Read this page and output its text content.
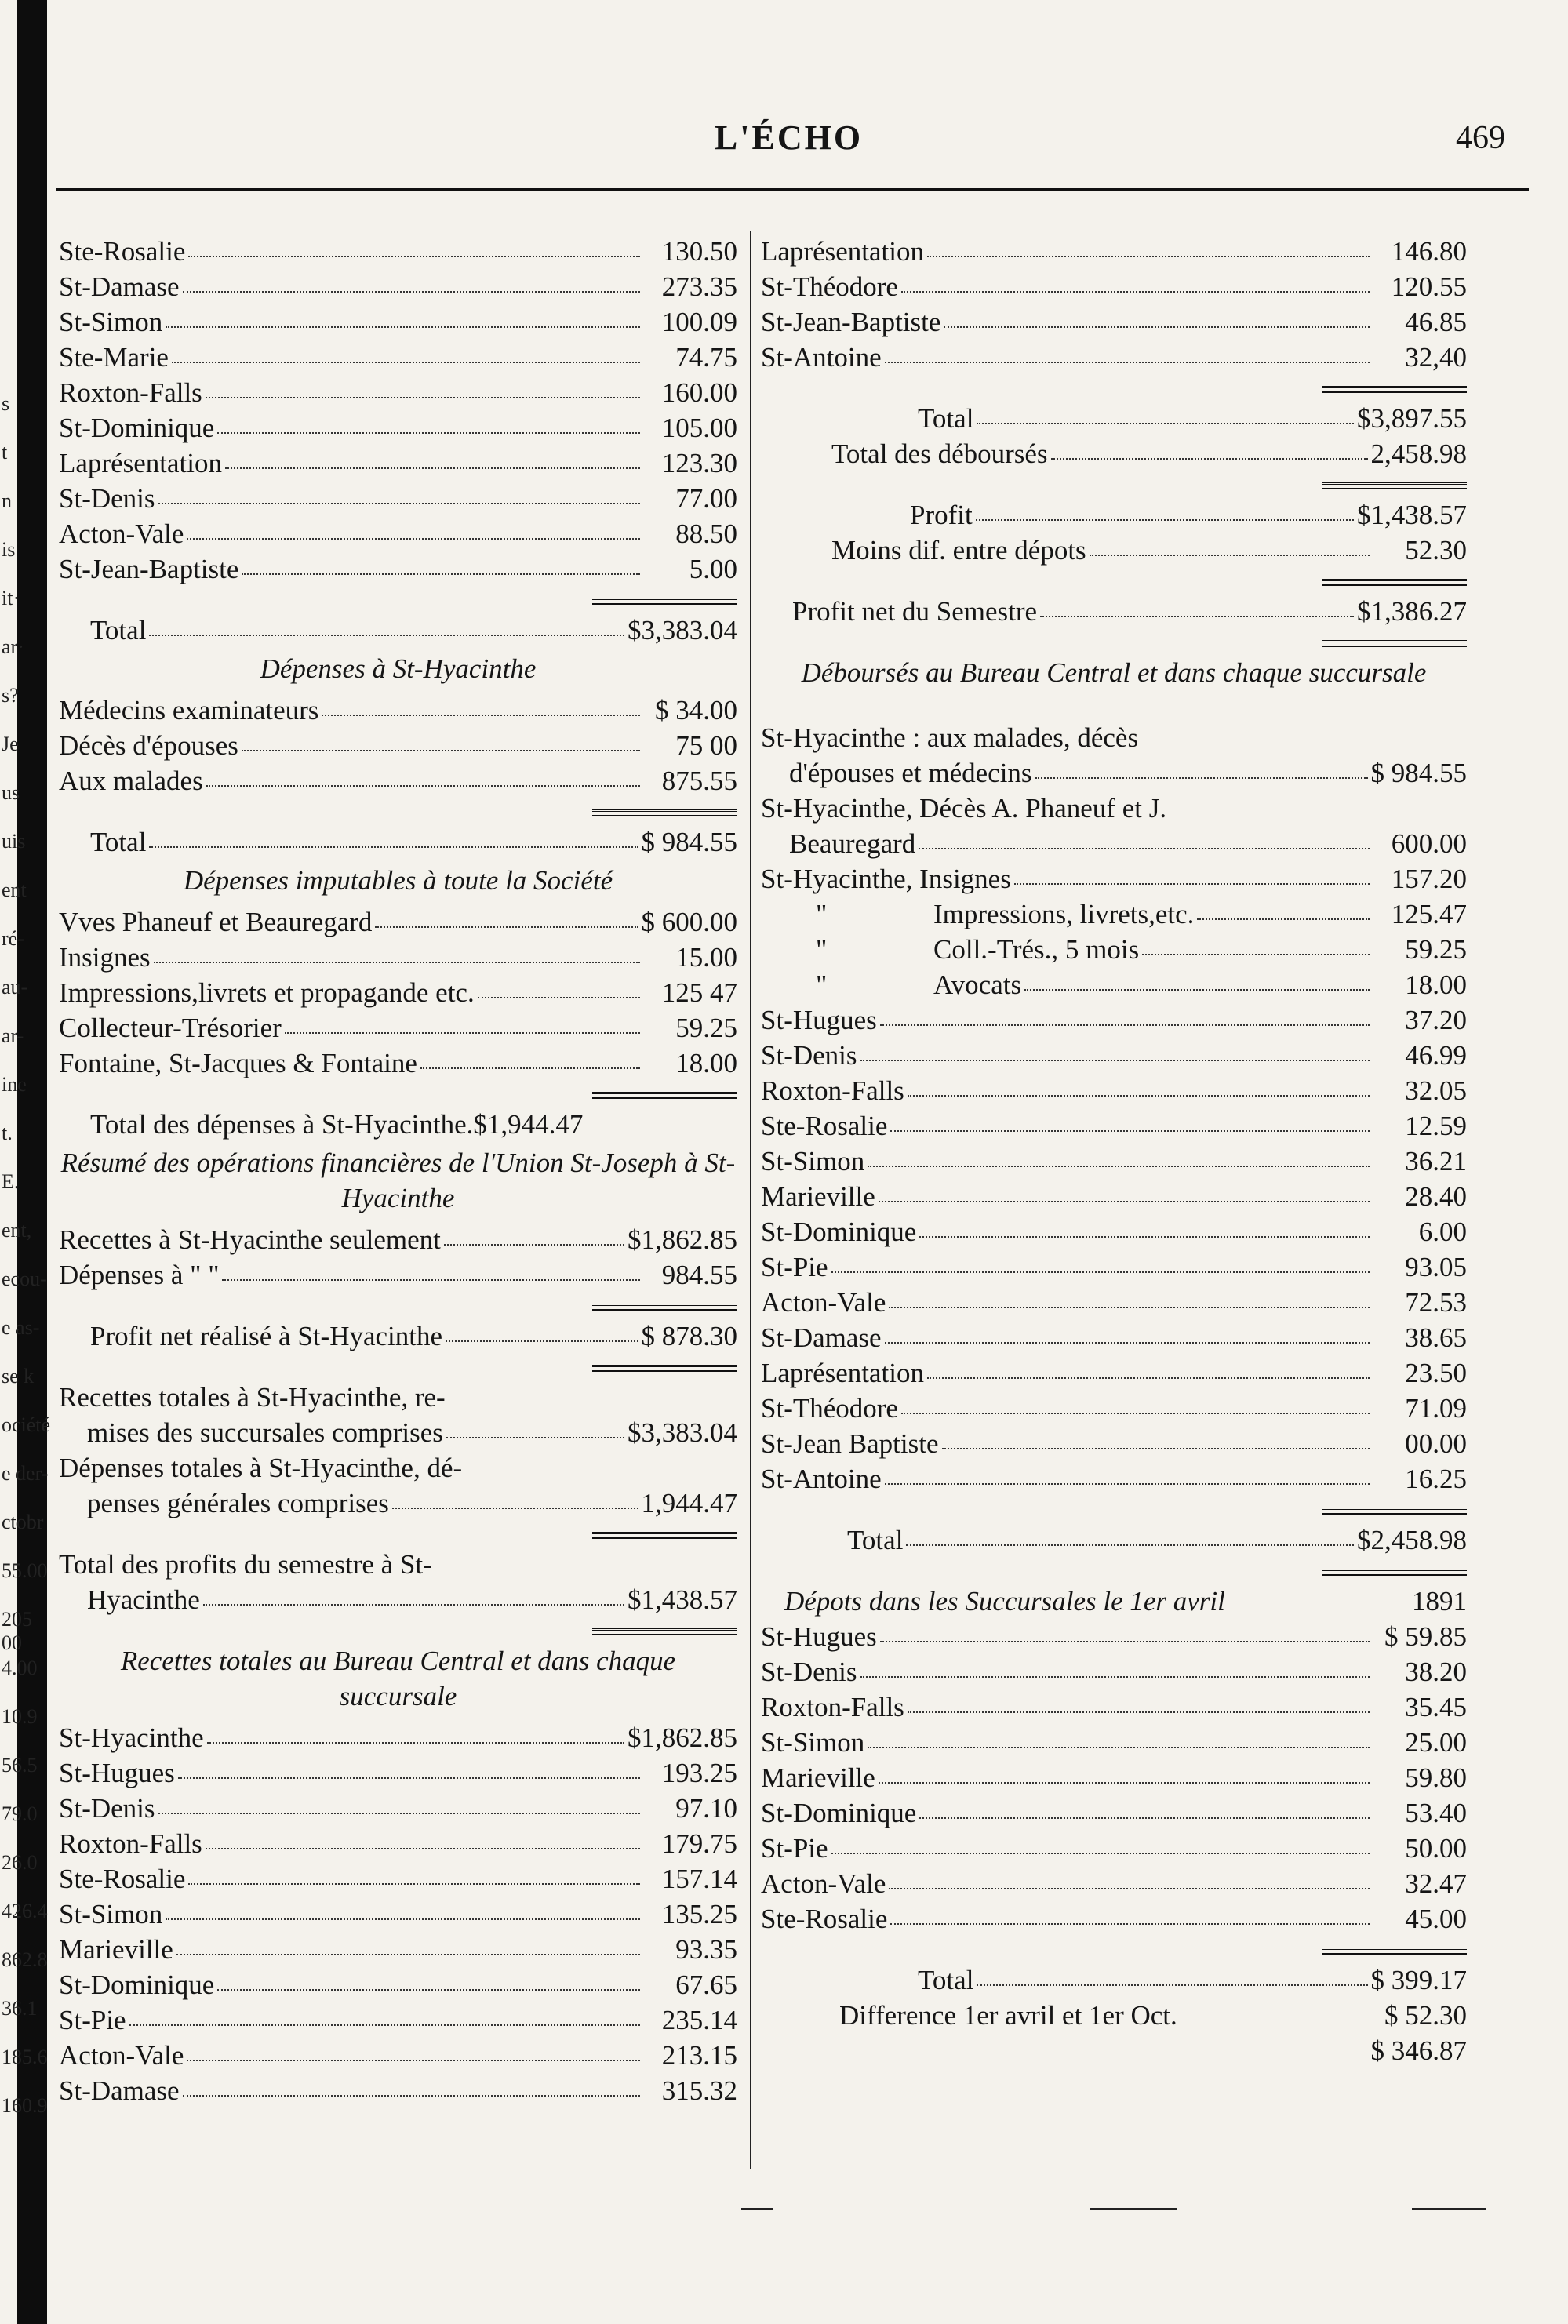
s
t
n
is
it·
ar·
s?
Je
us
uis
ent
ré-
au-
ar-
ine
t.
E.
ent,
ecou-
e as-
se k
ociété
e der-
ctobr
55.00
205 00
4.00
10.9
56.5
79.0
26.0
426.4
862.8
36.1
185.6
160.9
L'ÉCHO	469
Ste-Rosalie	130.50
St-Damase	273.35
St-Simon	100.09
Ste-Marie	74.75
Roxton-Falls	160.00
St-Dominique	105.00
Laprésentation	123.30
St-Denis	77.00
Acton-Vale	88.50
St-Jean-Baptiste	5.00
Total	$3,383.04
Dépenses à St-Hyacinthe
Médecins examinateurs	$ 34.00
Décès d'épouses	75 00
Aux malades	875.55
Total	$ 984.55
Dépenses imputables à toute la Société
Vves Phaneuf et Beauregard	$ 600.00
Insignes	15.00
Impressions,livrets et propagande etc.	125 47
Collecteur-Trésorier	59.25
Fontaine, St-Jacques & Fontaine	18.00
Total des dépenses à St-Hyacinthe. $1,944.47
Résumé des opérations financières de l'Union St-Joseph à St-Hyacinthe
Recettes à St-Hyacinthe seulement	$1,862.85
Dépenses à " "	984.55
Profit net réalisé à St-Hyacinthe	$ 878.30
Recettes totales à St-Hyacinthe, re-
mises des succursales comprises	$3,383.04
Dépenses totales à St-Hyacinthe, dé-
penses générales comprises	1,944.47
Total des profits du semestre à St-
Hyacinthe	$1,438.57
Recettes totales au Bureau Central et dans chaque succursale
St-Hyacinthe	$1,862.85
St-Hugues	193.25
St-Denis	97.10
Roxton-Falls	179.75
Ste-Rosalie	157.14
St-Simon	135.25
Marieville	93.35
St-Dominique	67.65
St-Pie	235.14
Acton-Vale	213.15
St-Damase	315.32
Laprésentation	146.80
St-Théodore	120.55
St-Jean-Baptiste	46.85
St-Antoine	32,40
Total	$3,897.55
Total des déboursés	2,458.98
Profit	$1,438.57
Moins dif. entre dépots	52.30
Profit net du Semestre	$1,386.27
Déboursés au Bureau Central et dans chaque succursale
St-Hyacinthe : aux malades, décès
d'épouses et médecins	$ 984.55
St-Hyacinthe, Décès A. Phaneuf et J.
Beauregard	600.00
St-Hyacinthe, Insignes	157.20
"	Impressions, livrets,etc.	125.47
"	Coll.-Trés., 5 mois	59.25
"	Avocats	18.00
St-Hugues	37.20
St-Denis	46.99
Roxton-Falls	32.05
Ste-Rosalie	12.59
St-Simon	36.21
Marieville	28.40
St-Dominique	6.00
St-Pie	93.05
Acton-Vale	72.53
St-Damase	38.65
Laprésentation	23.50
St-Théodore	71.09
St-Jean Baptiste	00.00
St-Antoine	16.25
Total	$2,458.98
Dépots dans les Succursales le 1er avril	1891
St-Hugues	$ 59.85
St-Denis	38.20
Roxton-Falls	35.45
St-Simon	25.00
Marieville	59.80
St-Dominique	53.40
St-Pie	50.00
Acton-Vale	32.47
Ste-Rosalie	45.00
Total	$ 399.17
Difference 1er avril et 1er Oct.	$ 52.30
$ 346.87
